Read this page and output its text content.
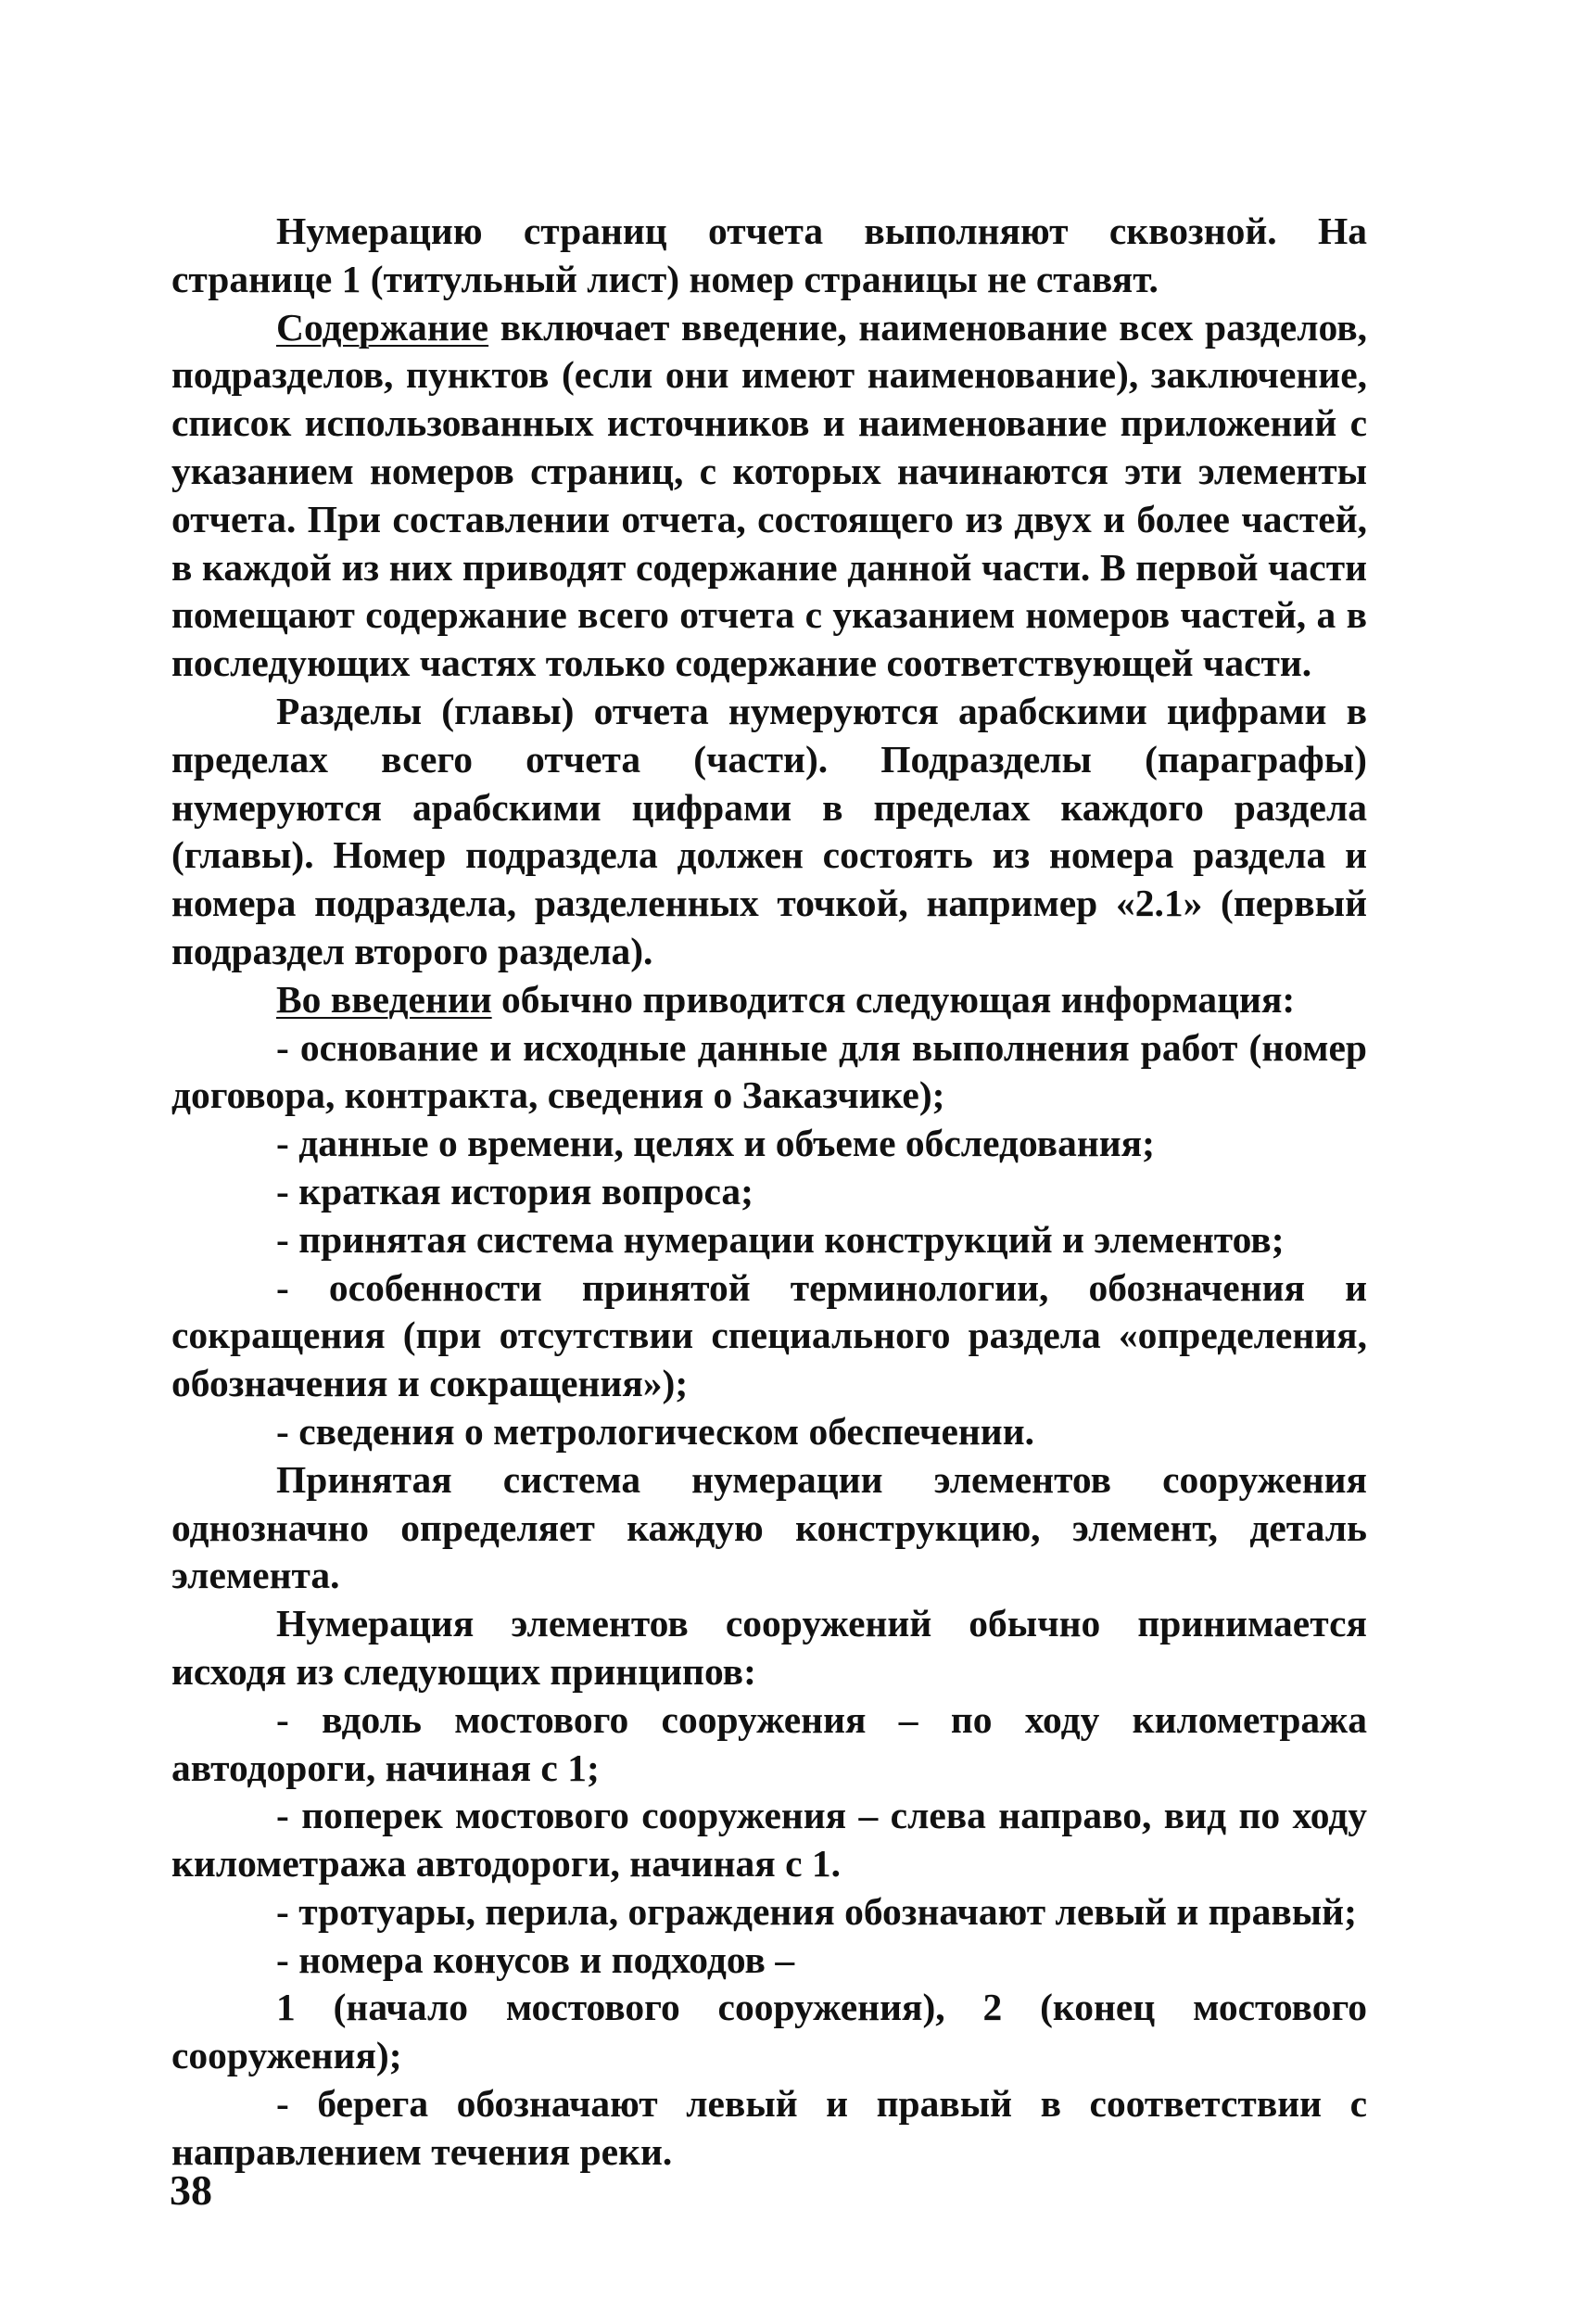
Нумерацию страниц отчета выполняют сквозной. На странице 1 (титульный лист) номер страницы не ставят.

Содержание включает введение, наименование всех разделов, подразделов, пунктов (если они имеют наименование), заключение, список использованных источников и наименование приложений с указанием номеров страниц, с которых начинаются эти элементы отчета. При составлении отчета, состоящего из двух и более частей, в каждой из них приводят содержание данной части. В первой части помещают содержание всего отчета с указанием номеров частей, а в последующих частях только содержание соответствующей части.

Разделы (главы) отчета нумеруются арабскими цифрами в пределах всего отчета (части). Подразделы (параграфы) нумеруются арабскими цифрами в пределах каждого раздела (главы). Номер подраздела должен состоять из номера раздела и номера подраздела, разделенных точкой, например «2.1» (первый подраздел второго раздела).

Во введении обычно приводится следующая информация:

- основание и исходные данные для выполнения работ (номер договора, контракта, сведения о Заказчике);

- данные о времени, целях и объеме обследования;

- краткая история вопроса;

- принятая система нумерации конструкций и элементов;

- особенности принятой терминологии, обозначения и сокращения (при отсутствии специального раздела «определения, обозначения и сокращения»);

- сведения о метрологическом обеспечении.

Принятая система нумерации элементов сооружения однозначно определяет каждую конструкцию, элемент, деталь элемента.

Нумерация элементов сооружений обычно принимается исходя из следующих принципов:

- вдоль мостового сооружения – по ходу километража автодороги, начиная с 1;

- поперек мостового сооружения – слева направо, вид по ходу километража автодороги, начиная с 1.

- тротуары, перила, ограждения обозначают левый и правый;

- номера конусов и подходов –

1 (начало мостового сооружения), 2 (конец мостового сооружения);

- берега обозначают левый и правый в соответствии с направлением течения реки.

38
